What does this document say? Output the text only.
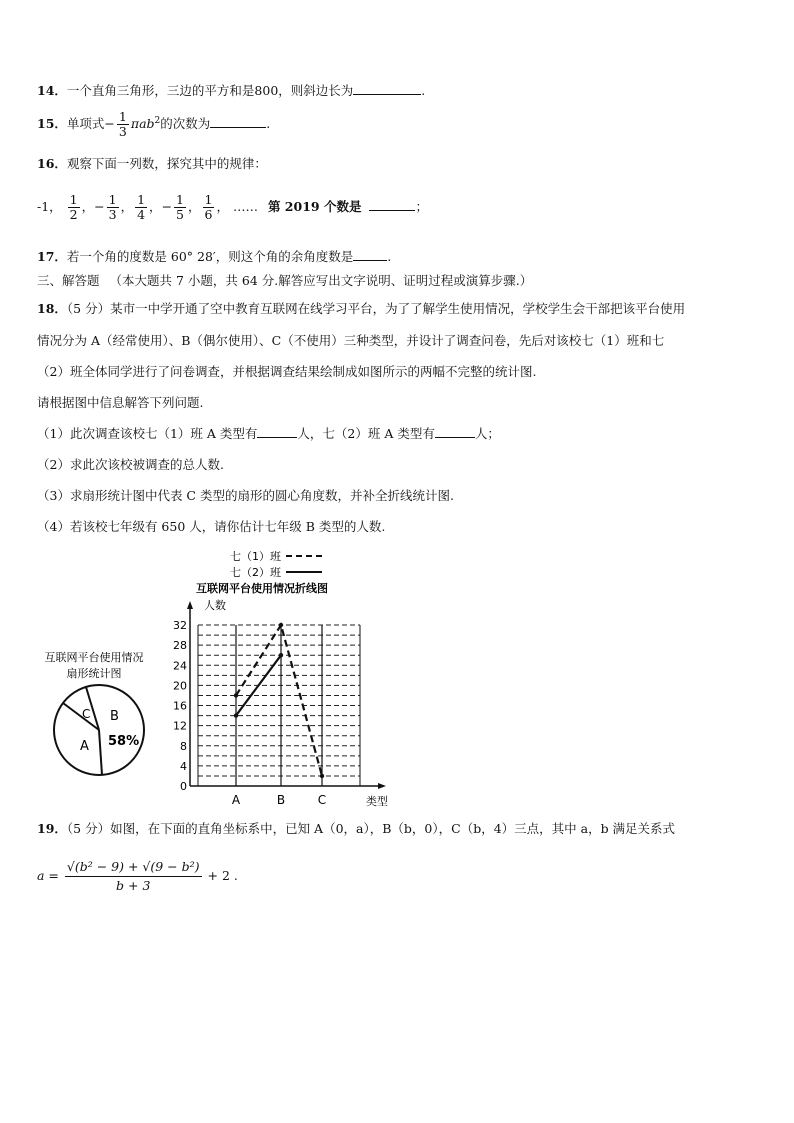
14．一个直角三角形，三边的平方和是800，则斜边长为	.
15．单项式− $\frac{1}{3} \pi ab^2$的次数为	.
16．观察下面一列数，探究其中的规律：
-1， $\frac{1}{2}$ ，− $\frac{1}{3}$ ， $\frac{1}{4}$ ，− $\frac{1}{5}$ ， $\frac{1}{6}$ ， …… 第 2019 个数是	；
17．若一个角的度数是 60° 28′，则这个角的余角度数是	.
三、解答题 （本大题共 7 小题，共 64 分.解答应写出文字说明、证明过程或演算步骤.）
18．（5 分）某市一中学开通了空中教育互联网在线学习平台，为了了解学生使用情况，学校学生会干部把该平台使用
情况分为 A（经常使用）、B（偶尔使用）、C（不使用）三种类型，并设计了调查问卷，先后对该校七（1）班和七
（2）班全体同学进行了问卷调查，并根据调查结果绘制成如图所示的两幅不完整的统计图.
请根据图中信息解答下列问题.
（1）此次调查该校七（1）班 A 类型有	人，七（2）班 A 类型有	人；
（2）求此次该校被调查的总人数.
（3）求扇形统计图中代表 C 类型的扇形的圆心角度数，并补全折线统计图.
（4）若该校七年级有 650 人，请你估计七年级 B 类型的人数.
互联网平台使用情况
扇形统计图
C B
58%
A
七（1）班
七（2）班
互联网平台使用情况折线图
人数
类型
0
4
8
12
16
20
24
28
32
A	B	C
19．（5 分）如图，在下面的直角坐标系中，已知 A（0，a），B（b，0），C（b，4）三点，其中 a，b 满足关系式
$a = \frac{\text{√(b² − 9) + √(9 − b²)}}{b + 3} + 2$ .
